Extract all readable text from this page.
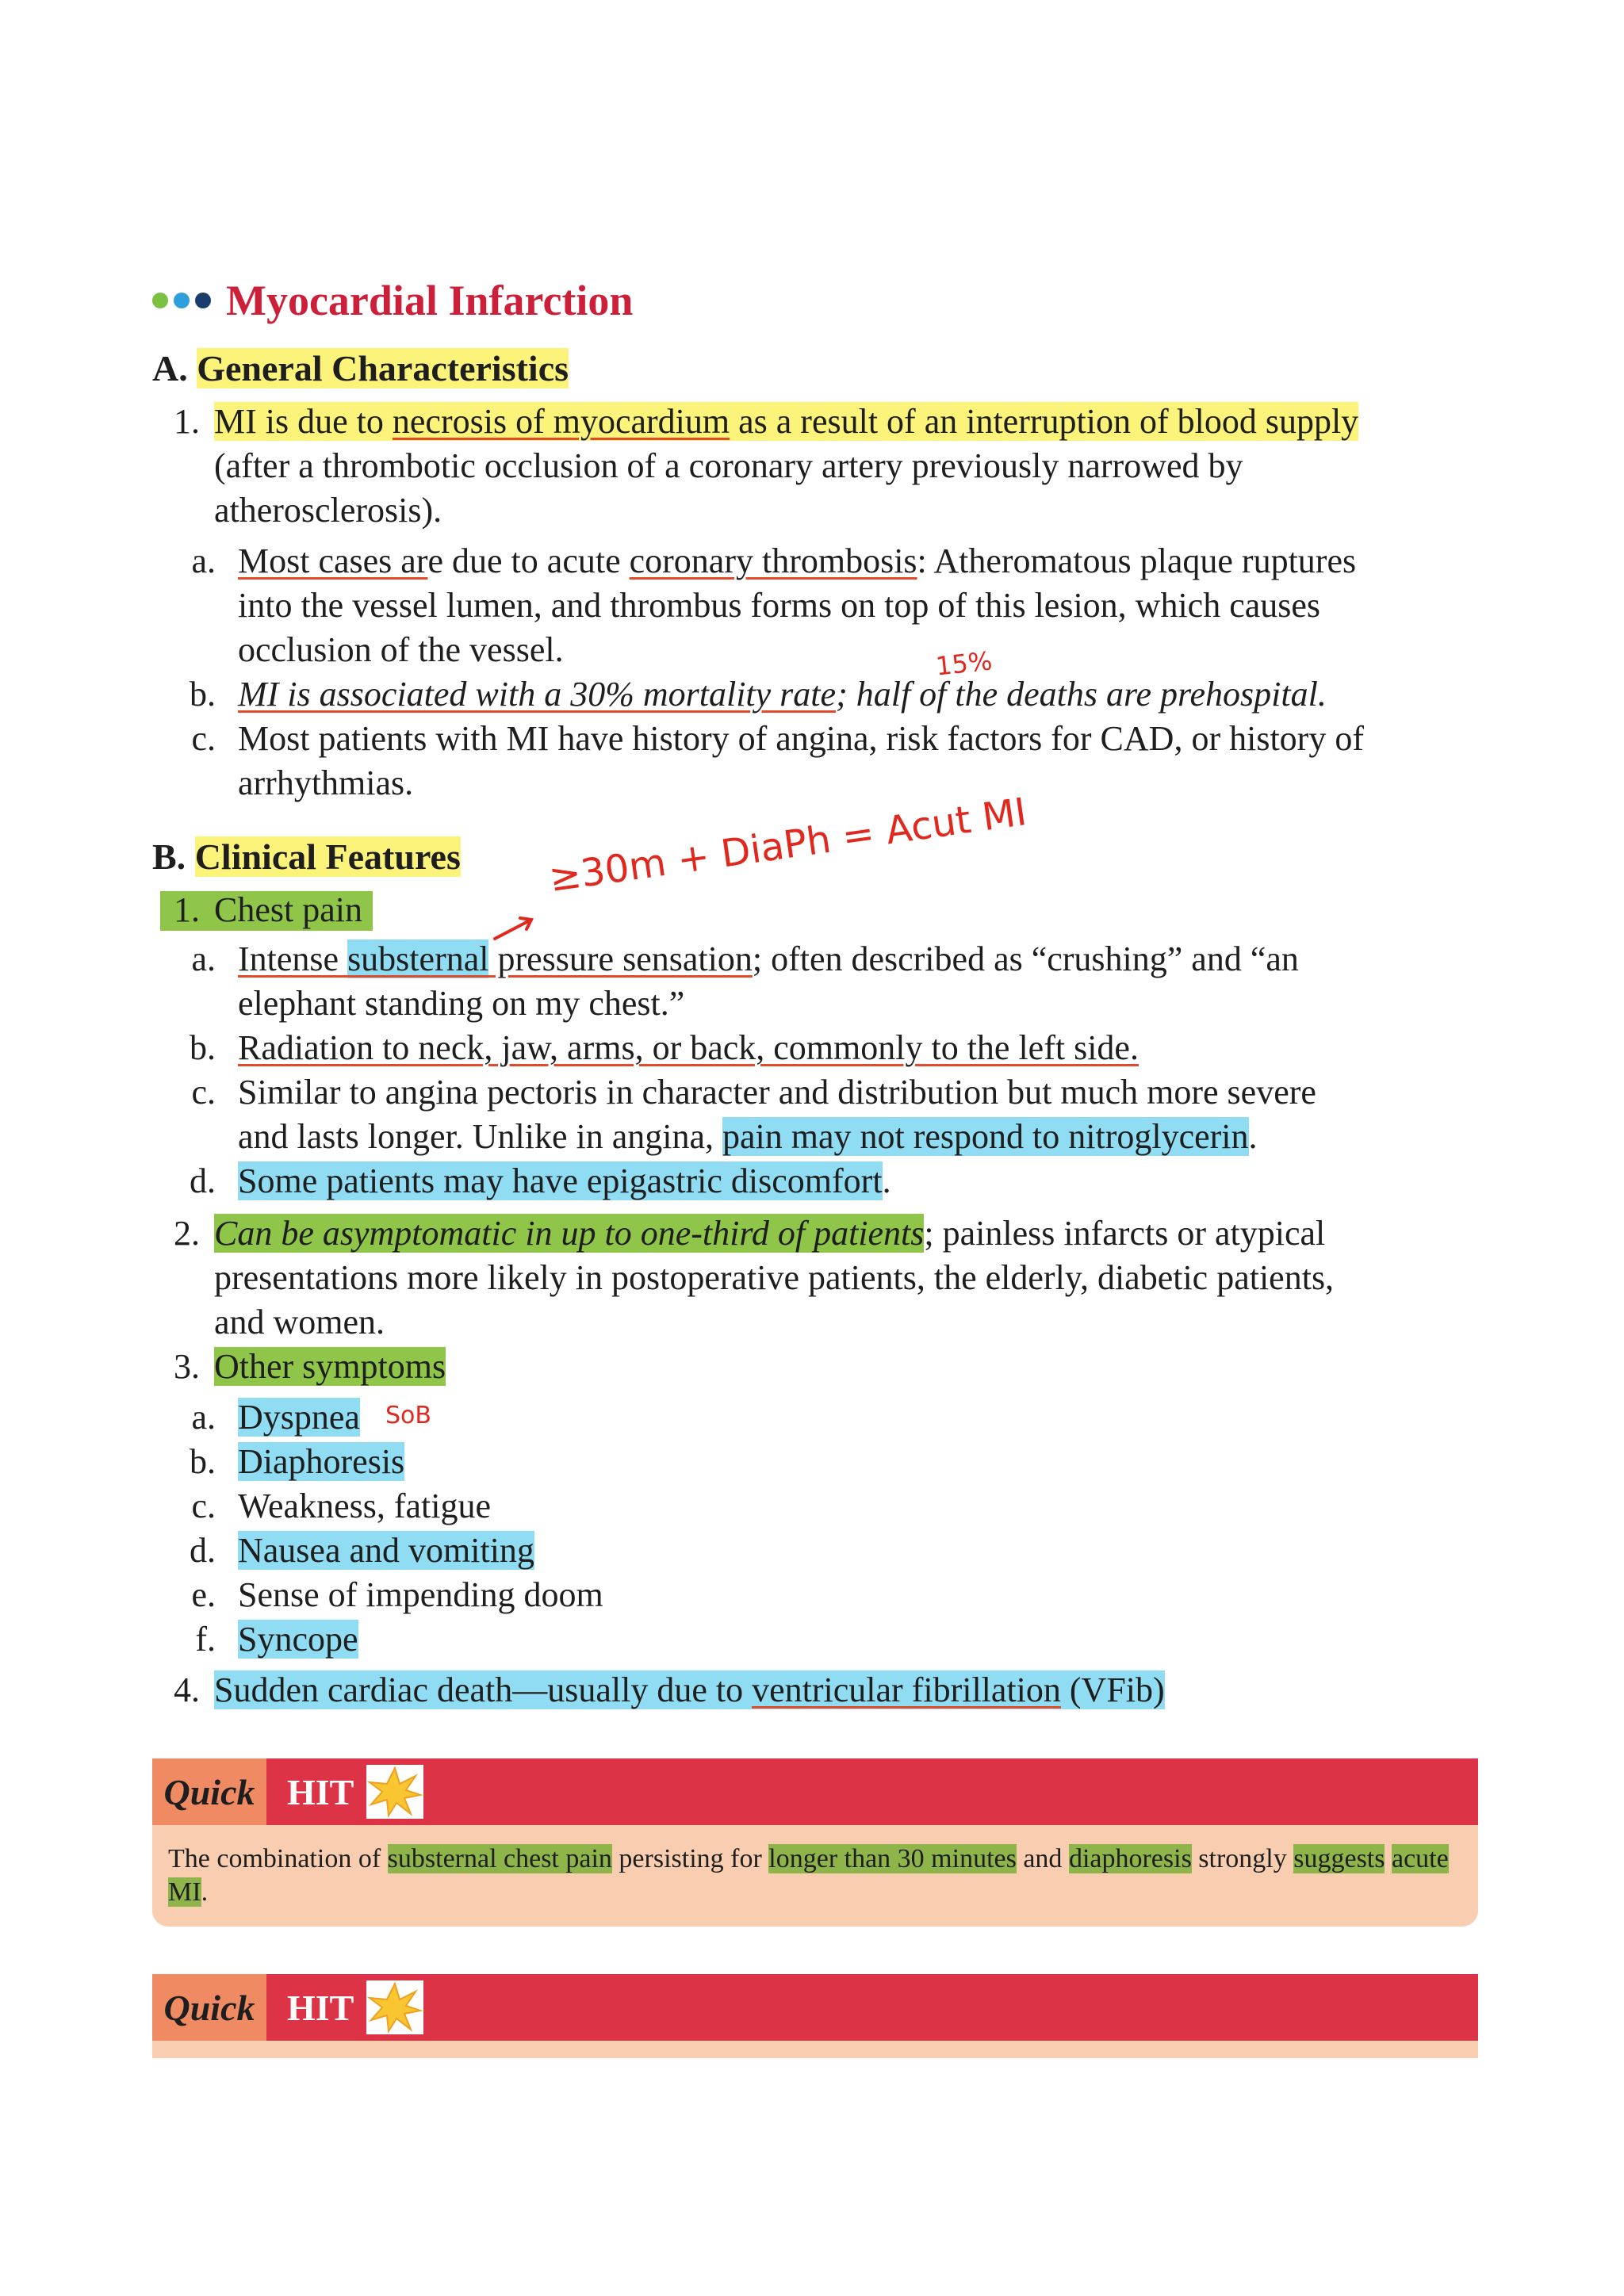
Myocardial Infarction
A. General Characteristics
1. MI is due to necrosis of myocardium as a result of an interruption of blood supply
(after a thrombotic occlusion of a coronary artery previously narrowed by
atherosclerosis).
a. Most cases are due to acute coronary thrombosis: Atheromatous plaque ruptures
into the vessel lumen, and thrombus forms on top of this lesion, which causes
occlusion of the vessel.
b. MI is associated with a 30% mortality rate; half of the deaths are prehospital.
c. Most patients with MI have history of angina, risk factors for CAD, or history of
arrhythmias.
B. Clinical Features
1. Chest pain
a. Intense substernal pressure sensation; often described as “crushing” and “an
elephant standing on my chest.”
b. Radiation to neck, jaw, arms, or back, commonly to the left side.
c. Similar to angina pectoris in character and distribution but much more severe
and lasts longer. Unlike in angina, pain may not respond to nitroglycerin.
d. Some patients may have epigastric discomfort.
2. Can be asymptomatic in up to one-third of patients; painless infarcts or atypical
presentations more likely in postoperative patients, the elderly, diabetic patients,
and women.
3. Other symptoms
a. Dyspnea
b. Diaphoresis
c. Weakness, fatigue
d. Nausea and vomiting
e. Sense of impending doom
f. Syncope
4. Sudden cardiac death—usually due to ventricular fibrillation (VFib)
15%
≥30m + DiaPh = Acut MI
SoB
Quick HIT
The combination of substernal chest pain persisting for longer than 30 minutes and diaphoresis strongly suggests acute MI.
Quick HIT
